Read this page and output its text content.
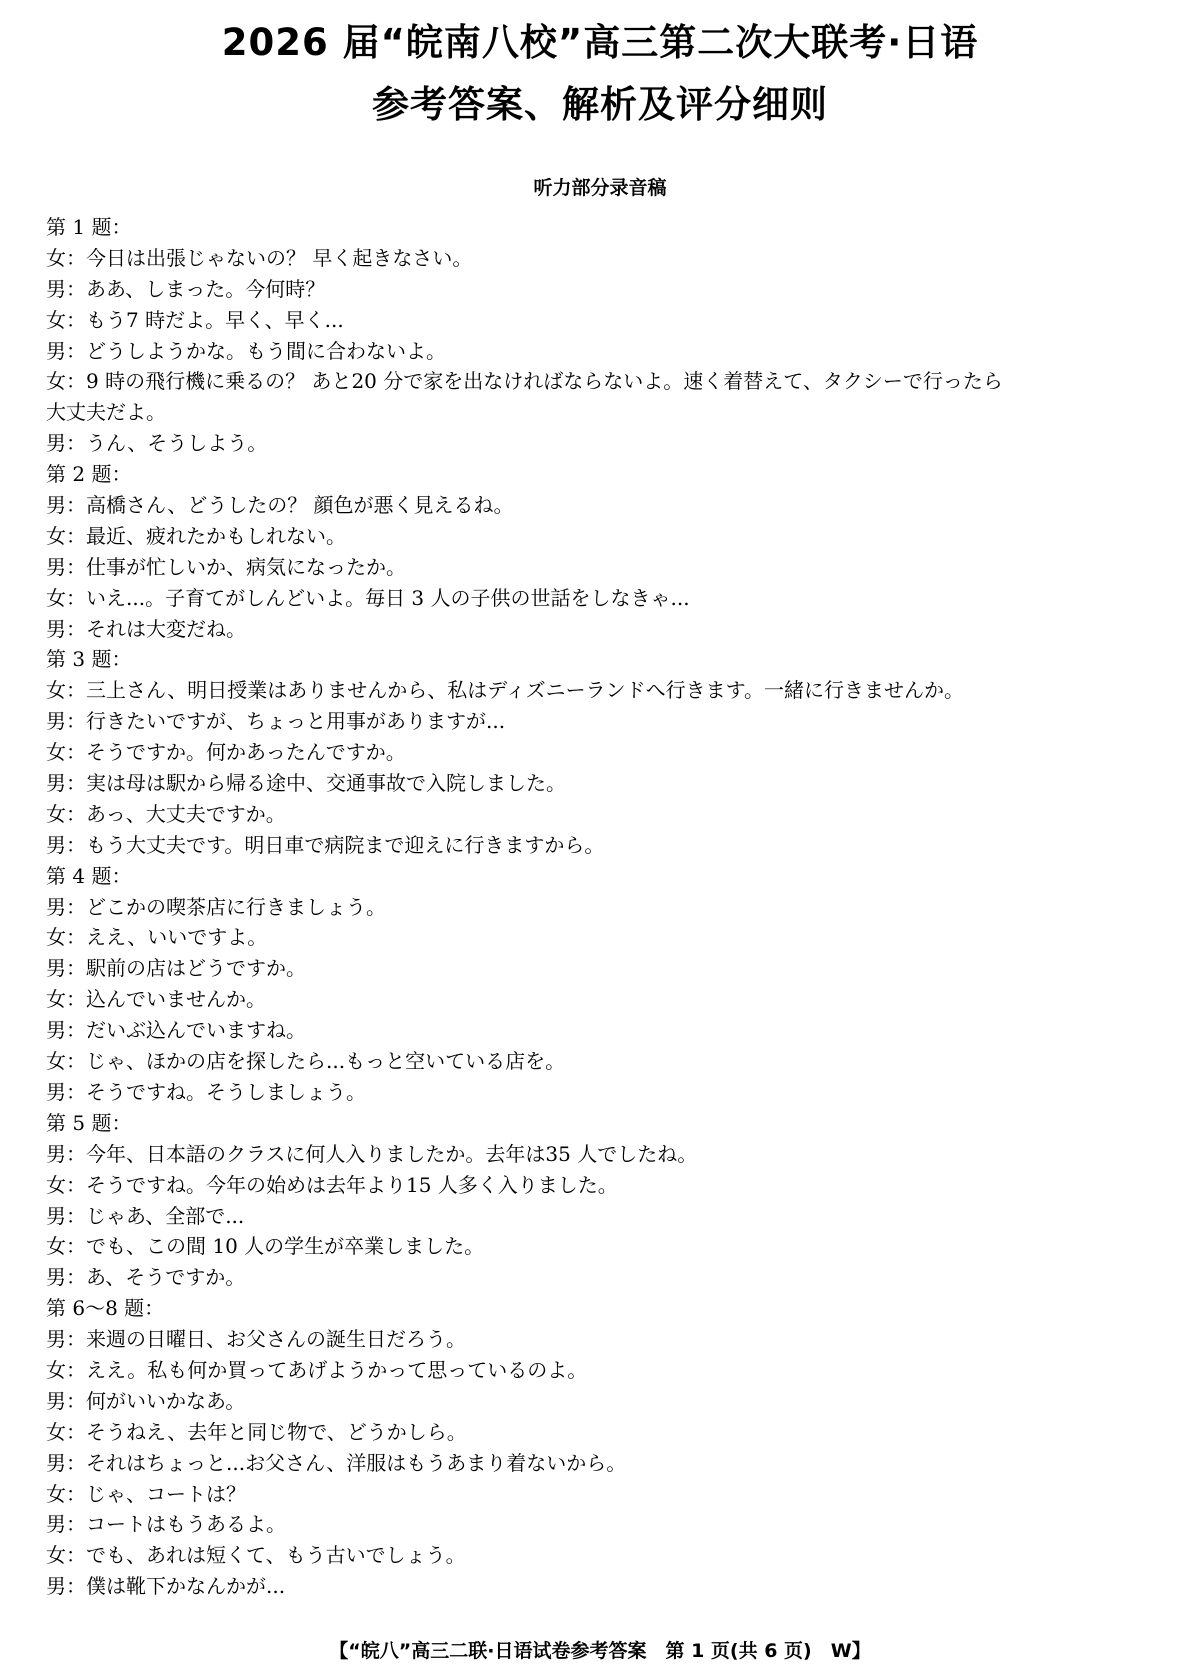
2026 届“皖南八校”高三第二次大联考·日语
参考答案、解析及评分细则
听力部分录音稿
第 1 题：
女：今日は出張じゃないの？ 早く起きなさい。
男：ああ、しまった。今何時？
女：もう7 時だよ。早く、早く...
男：どうしようかな。もう間に合わないよ。
女：9 時の飛行機に乗るの？ あと20 分で家を出なければならないよ。速く着替えて、タクシーで行ったら
大丈夫だよ。
男：うん、そうしよう。
第 2 题：
男：高橋さん、どうしたの？ 顔色が悪く見えるね。
女：最近、疲れたかもしれない。
男：仕事が忙しいか、病気になったか。
女：いえ...。子育てがしんどいよ。毎日 3 人の子供の世話をしなきゃ...
男：それは大変だね。
第 3 题：
女：三上さん、明日授業はありませんから、私はディズニーランドへ行きます。一緒に行きませんか。
男：行きたいですが、ちょっと用事がありますが...
女：そうですか。何かあったんですか。
男：実は母は駅から帰る途中、交通事故で入院しました。
女：あっ、大丈夫ですか。
男：もう大丈夫です。明日車で病院まで迎えに行きますから。
第 4 题：
男：どこかの喫茶店に行きましょう。
女：ええ、いいですよ。
男：駅前の店はどうですか。
女：込んでいませんか。
男：だいぶ込んでいますね。
女：じゃ、ほかの店を探したら...もっと空いている店を。
男：そうですね。そうしましょう。
第 5 题：
男：今年、日本語のクラスに何人入りましたか。去年は35 人でしたね。
女：そうですね。今年の始めは去年より15 人多く入りました。
男：じゃあ、全部で...
女：でも、この間 10 人の学生が卒業しました。
男：あ、そうですか。
第 6～8 题：
男：来週の日曜日、お父さんの誕生日だろう。
女：ええ。私も何か買ってあげようかって思っているのよ。
男：何がいいかなあ。
女：そうねえ、去年と同じ物で、どうかしら。
男：それはちょっと...お父さん、洋服はもうあまり着ないから。
女：じゃ、コートは？
男：コートはもうあるよ。
女：でも、あれは短くて、もう古いでしょう。
男：僕は靴下かなんかが...
【“皖八”高三二联·日语试卷参考答案　第 1 页(共 6 页)　W】
